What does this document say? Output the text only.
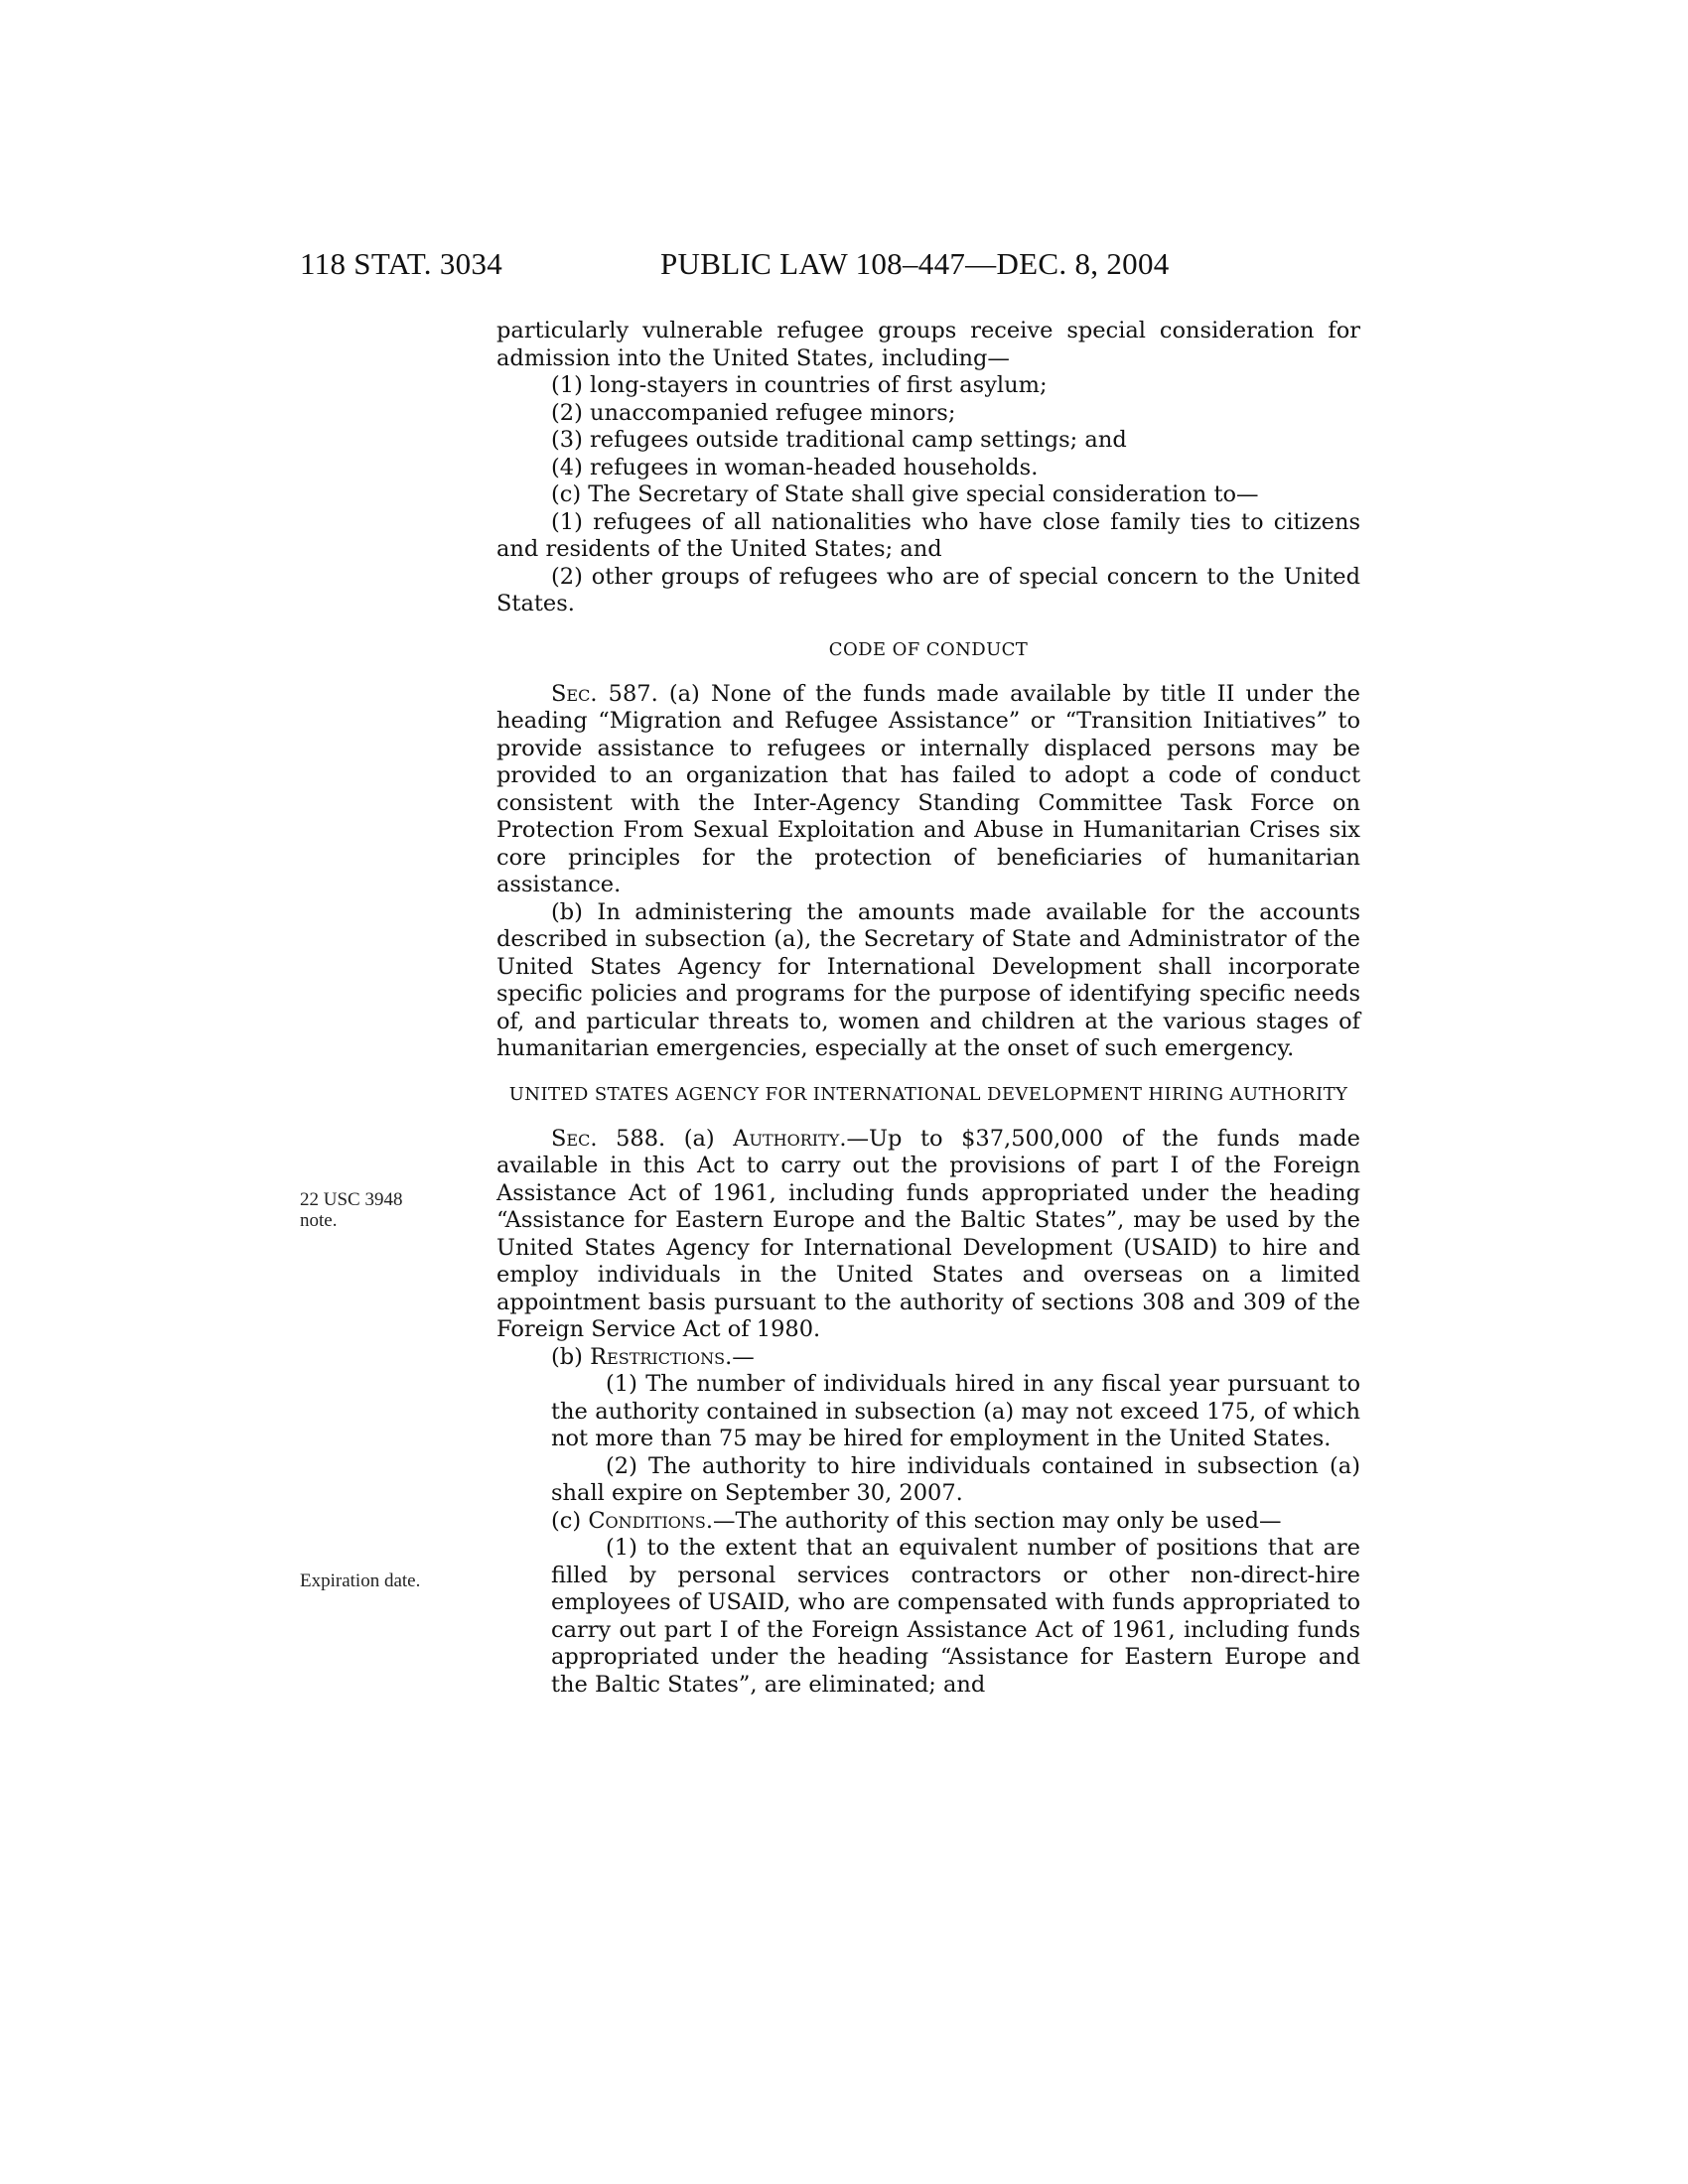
118 STAT. 3034	PUBLIC LAW 108–447—DEC. 8, 2004
22 USC 3948
note.
Expiration date.

particularly vulnerable refugee groups receive special consideration for admission into the United States, including—

(1) long-stayers in countries of first asylum;

(2) unaccompanied refugee minors;

(3) refugees outside traditional camp settings; and

(4) refugees in woman-headed households.

(c) The Secretary of State shall give special consideration to—

(1) refugees of all nationalities who have close family ties to citizens and residents of the United States; and

(2) other groups of refugees who are of special concern to the United States.

CODE OF CONDUCT

Sec. 587. (a) None of the funds made available by title II under the heading “Migration and Refugee Assistance” or “Transition Initiatives” to provide assistance to refugees or internally displaced persons may be provided to an organization that has failed to adopt a code of conduct consistent with the Inter-Agency Standing Committee Task Force on Protection From Sexual Exploitation and Abuse in Humanitarian Crises six core principles for the protection of beneficiaries of humanitarian assistance.

(b) In administering the amounts made available for the accounts described in subsection (a), the Secretary of State and Administrator of the United States Agency for International Development shall incorporate specific policies and programs for the purpose of identifying specific needs of, and particular threats to, women and children at the various stages of humanitarian emergencies, especially at the onset of such emergency.

UNITED STATES AGENCY FOR INTERNATIONAL DEVELOPMENT HIRING AUTHORITY

Sec. 588. (a) Authority.—Up to $37,500,000 of the funds made available in this Act to carry out the provisions of part I of the Foreign Assistance Act of 1961, including funds appropriated under the heading “Assistance for Eastern Europe and the Baltic States”, may be used by the United States Agency for International Development (USAID) to hire and employ individuals in the United States and overseas on a limited appointment basis pursuant to the authority of sections 308 and 309 of the Foreign Service Act of 1980.

(b) Restrictions.—

(1) The number of individuals hired in any fiscal year pursuant to the authority contained in subsection (a) may not exceed 175, of which not more than 75 may be hired for employment in the United States.

(2) The authority to hire individuals contained in subsection (a) shall expire on September 30, 2007.

(c) Conditions.—The authority of this section may only be used—

(1) to the extent that an equivalent number of positions that are filled by personal services contractors or other non-direct-hire employees of USAID, who are compensated with funds appropriated to carry out part I of the Foreign Assistance Act of 1961, including funds appropriated under the heading “Assistance for Eastern Europe and the Baltic States”, are eliminated; and
